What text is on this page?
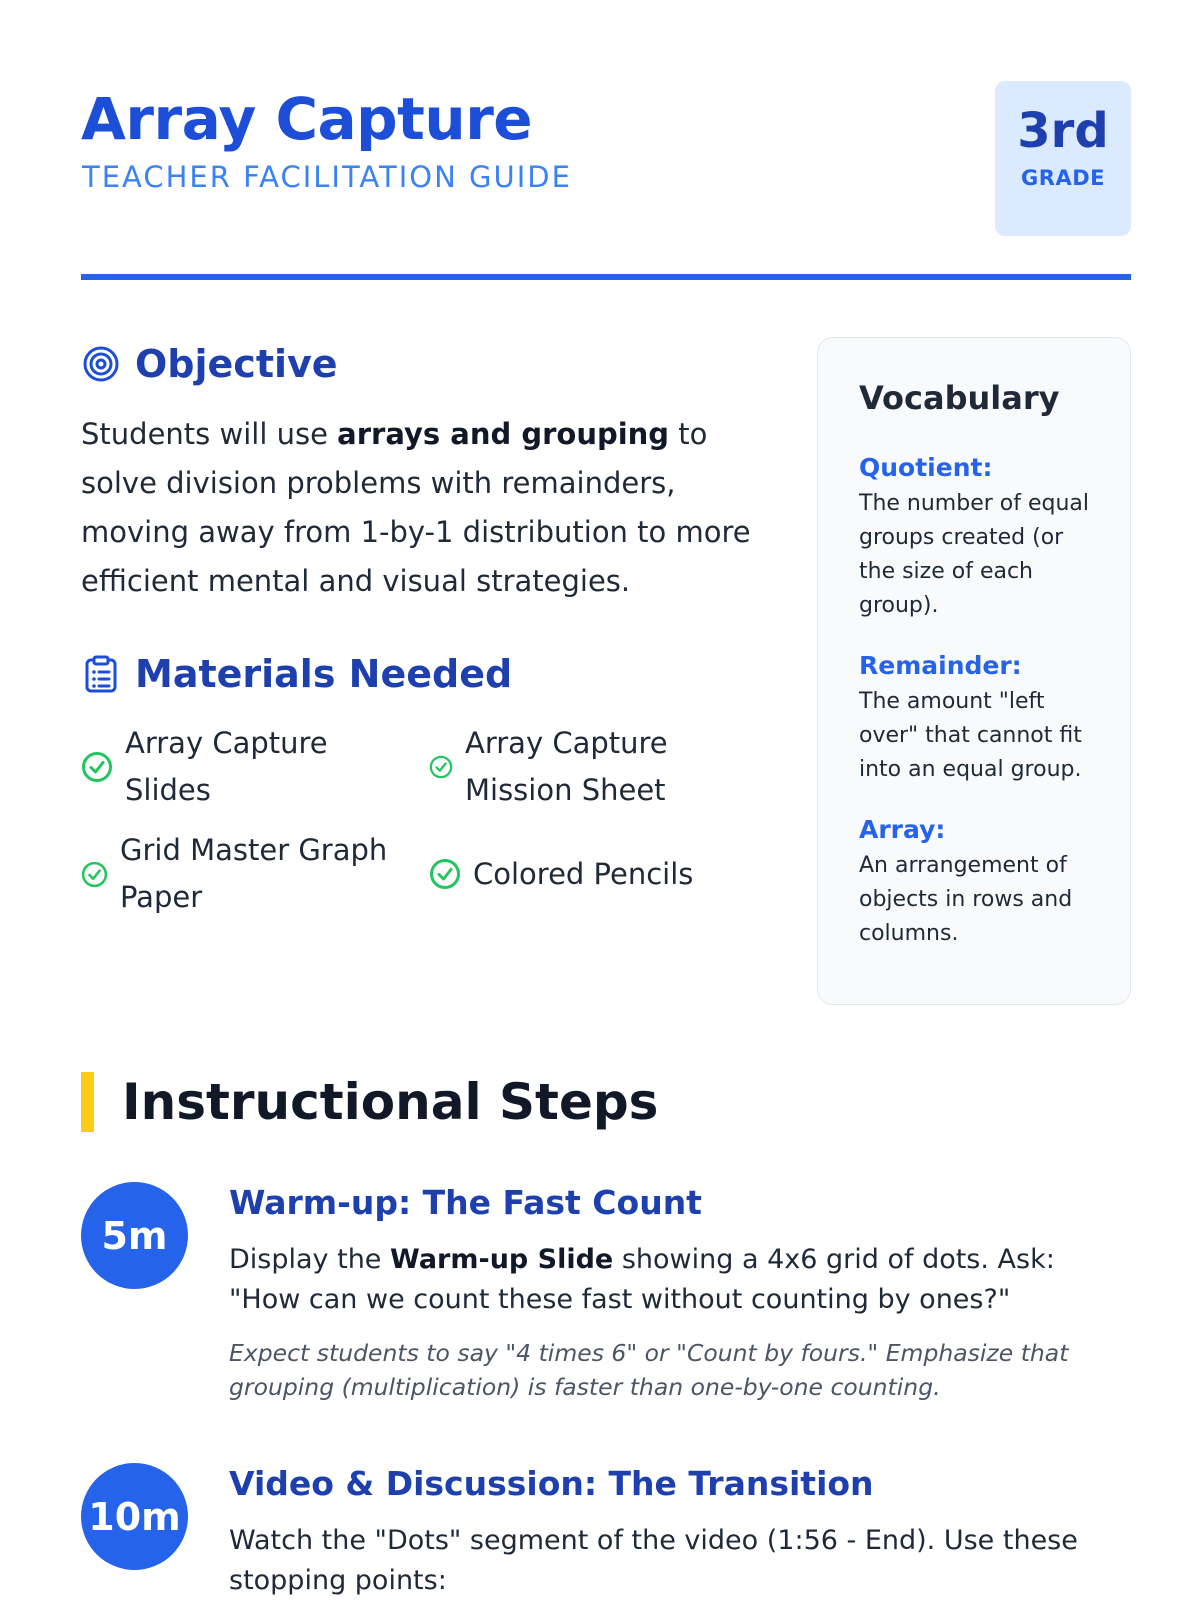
Array Capture
TEACHER FACILITATION GUIDE
3rd
GRADE
Objective

Students will use arrays and grouping to solve division problems with remainders, moving away from 1-by-1 distribution to more efficient mental and visual strategies.

Materials Needed
Array Capture Slides
Array Capture Mission Sheet
Grid Master Graph Paper
Colored Pencils
Vocabulary

Quotient:

The number of equal groups created (or the size of each group).

Remainder:

The amount "left over" that cannot fit into an equal group.

Array:

An arrangement of objects in rows and columns.

Instructional Steps
5m
Warm-up: The Fast Count

Display the Warm-up Slide showing a 4x6 grid of dots. Ask: "How can we count these fast without counting by ones?"

Expect students to say "4 times 6" or "Count by fours." Emphasize that grouping (multiplication) is faster than one-by-one counting.

10m
Video & Discussion: The Transition

Watch the "Dots" segment of the video (1:56 - End). Use these stopping points:
